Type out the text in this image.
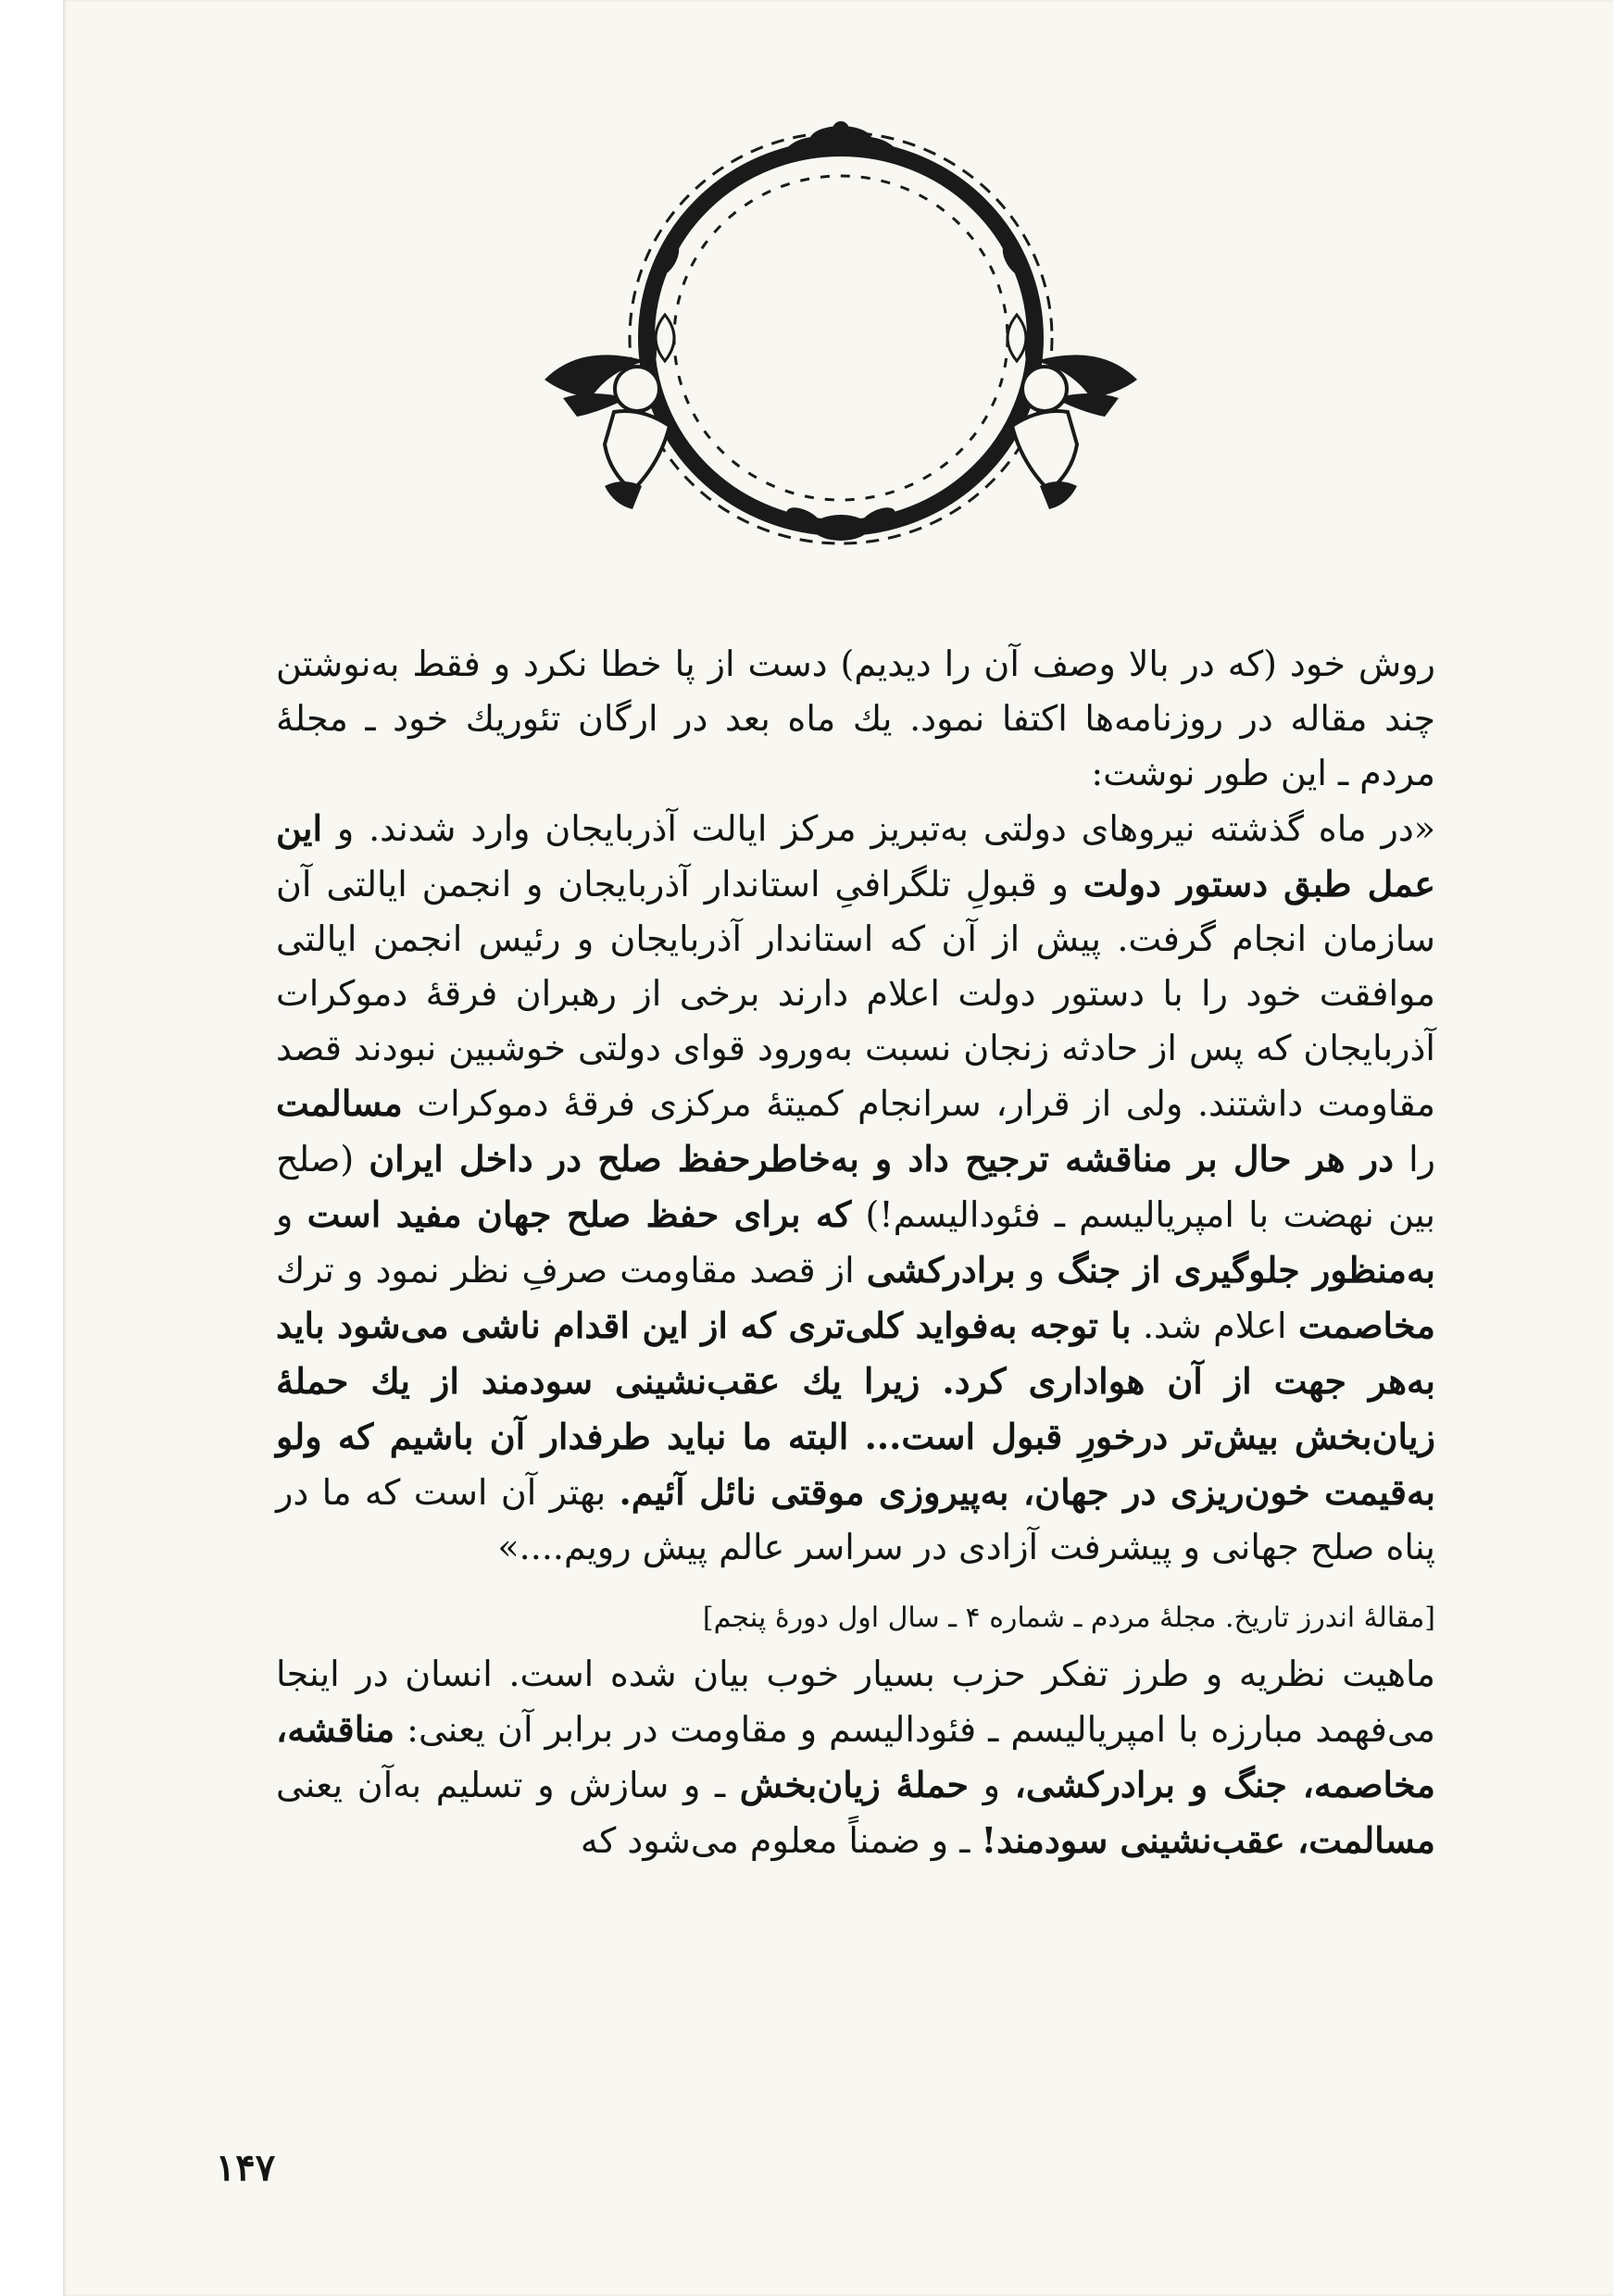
روش خود (که در بالا وصف آن را دیدیم) دست از پا خطا نکرد و فقط به‌نوشتن چند مقاله در روزنامه‌ها اکتفا نمود. یك ماه بعد در ارگان تئوریك خود ـ مجلهٔ مردم ـ این طور نوشت:

«در ماه گذشته نیروهای دولتی به‌تبریز مرکز ایالت آذربایجان وارد شدند. و این عمل طبق دستور دولت و قبولِ تلگرافیِ استاندار آذربایجان و انجمن ایالتی آن سازمان انجام گرفت. پیش از آن که استاندار آذربایجان و رئیس انجمن ایالتی موافقت خود را با دستور دولت اعلام دارند برخی از رهبران فرقهٔ دموکرات آذربایجان که پس از حادثه زنجان نسبت به‌ورود قوای دولتی خوشبین نبودند قصد مقاومت داشتند. ولی از قرار، سرانجام کمیتهٔ مرکزی فرقهٔ دموکرات مسالمت را در هر حال بر مناقشه ترجیح داد و به‌خاطرحفظ صلح در داخل ایران (صلح بین نهضت با امپریالیسم ـ فئودالیسم!) که برای حفظ صلح جهان مفید است و به‌منظور جلوگیری از جنگ و برادرکشی از قصد مقاومت صرفِ نظر نمود و ترك مخاصمت اعلام شد. با توجه به‌فواید کلی‌تری که از این اقدام ناشی می‌شود باید به‌هر جهت از آن هواداری کرد. زیرا یك عقب‌نشینی سودمند از یك حملهٔ زیان‌بخش بیش‌تر درخورِ قبول است... البته ما نباید طرفدار آن باشیم که ولو به‌قیمت خون‌ریزی در جهان، به‌پیروزی موقتی نائل آئیم. بهتر آن است که ما در پناه صلح جهانی و پیشرفت آزادی در سراسر عالم پیش رویم....»

[مقالهٔ اندرز تاریخ. مجلهٔ مردم ـ شماره ۴ ـ سال اول دورهٔ پنجم]

ماهیت نظریه و طرز تفکر حزب بسیار خوب بیان شده است. انسان در اینجا می‌فهمد مبارزه با امپریالیسم ـ فئودالیسم و مقاومت در برابر آن یعنی: مناقشه، مخاصمه، جنگ و برادرکشی، و حملهٔ زیان‌بخش ـ و سازش و تسلیم به‌آن یعنی مسالمت، عقب‌نشینی سودمند! ـ و ضمناً معلوم می‌شود که

۱۴۷
